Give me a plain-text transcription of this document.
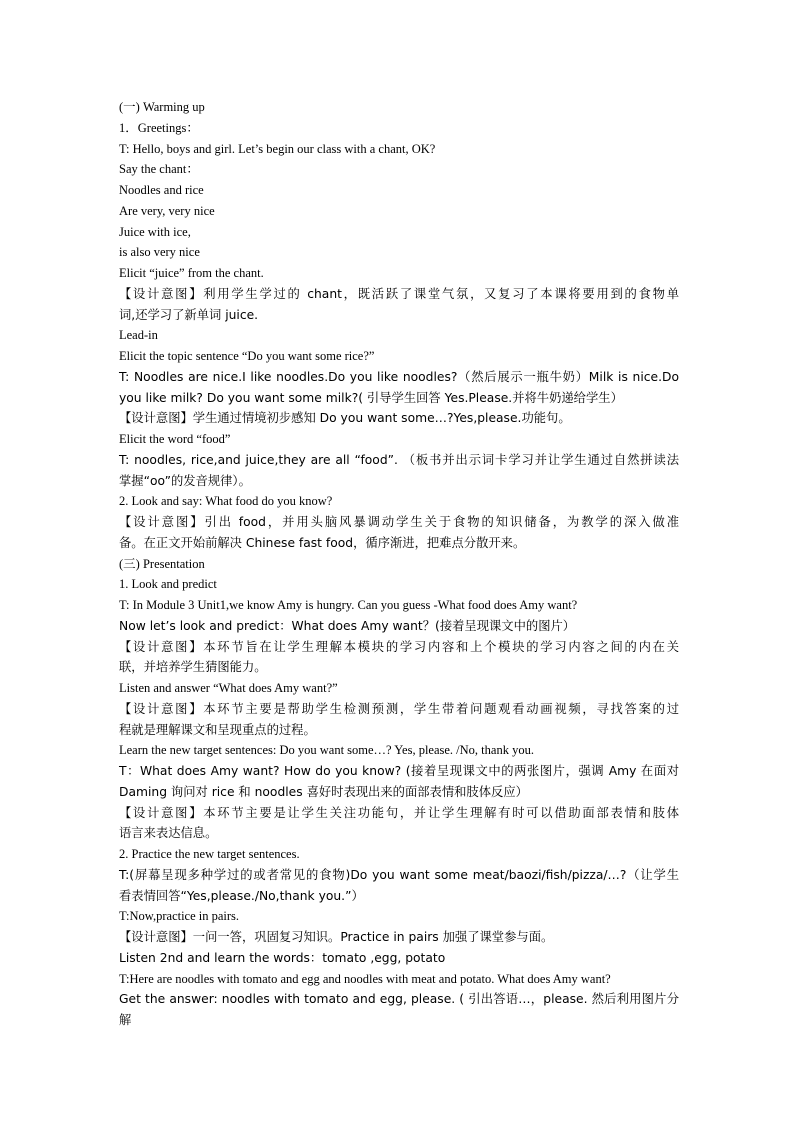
(一) Warming up
1．Greetings：
T: Hello, boys and girl. Let’s begin our class with a chant, OK?
Say the chant：
Noodles and rice
Are very, very nice
Juice with ice,
is also very nice
Elicit “juice” from the chant.
【设计意图】利用学生学过的 chant，既活跃了课堂气氛，又复习了本课将要用到的食物单
词,还学习了新单词 juice.
Lead-in
Elicit the topic sentence “Do you want some rice?”
T: Noodles are nice.I like noodles.Do you like noodles?（然后展示一瓶牛奶）Milk is nice.Do
you like milk? Do you want some milk?( 引导学生回答 Yes.Please.并将牛奶递给学生）
【设计意图】学生通过情境初步感知 Do you want some…?Yes,please.功能句。
Elicit the word “food”
T: noodles, rice,and juice,they are all “food”. （板书并出示词卡学习并让学生通过自然拼读法
掌握“oo”的发音规律）。
2. Look and say: What food do you know?
【设计意图】引出 food，并用头脑风暴调动学生关于食物的知识储备，为教学的深入做准
备。在正文开始前解决 Chinese fast food，循序渐进，把难点分散开来。
(三) Presentation
1. Look and predict
T: In Module 3 Unit1,we know Amy is hungry. Can you guess -What food does Amy want?
Now let’s look and predict：What does Amy want？(接着呈现课文中的图片）
【设计意图】本环节旨在让学生理解本模块的学习内容和上个模块的学习内容之间的内在关
联，并培养学生猜图能力。
Listen and answer “What does Amy want?”
【设计意图】本环节主要是帮助学生检测预测，学生带着问题观看动画视频，寻找答案的过
程就是理解课文和呈现重点的过程。
Learn the new target sentences: Do you want some…? Yes, please. /No, thank you.
T：What does Amy want? How do you know? (接着呈现课文中的两张图片，强调 Amy 在面对
Daming 询问对 rice 和 noodles 喜好时表现出来的面部表情和肢体反应）
【设计意图】本环节主要是让学生关注功能句，并让学生理解有时可以借助面部表情和肢体
语言来表达信息。
2. Practice the new target sentences.
T:(屏幕呈现多种学过的或者常见的食物)Do you want some meat/baozi/fish/pizza/…?（让学生
看表情回答“Yes,please./No,thank you.”）
T:Now,practice in pairs.
【设计意图】一问一答，巩固复习知识。Practice in pairs 加强了课堂参与面。
Listen 2nd and learn the words：tomato ,egg, potato
T:Here are noodles with tomato and egg and noodles with meat and potato. What does Amy want?
Get the answer: noodles with tomato and egg, please. ( 引出答语…，please. 然后利用图片分解
